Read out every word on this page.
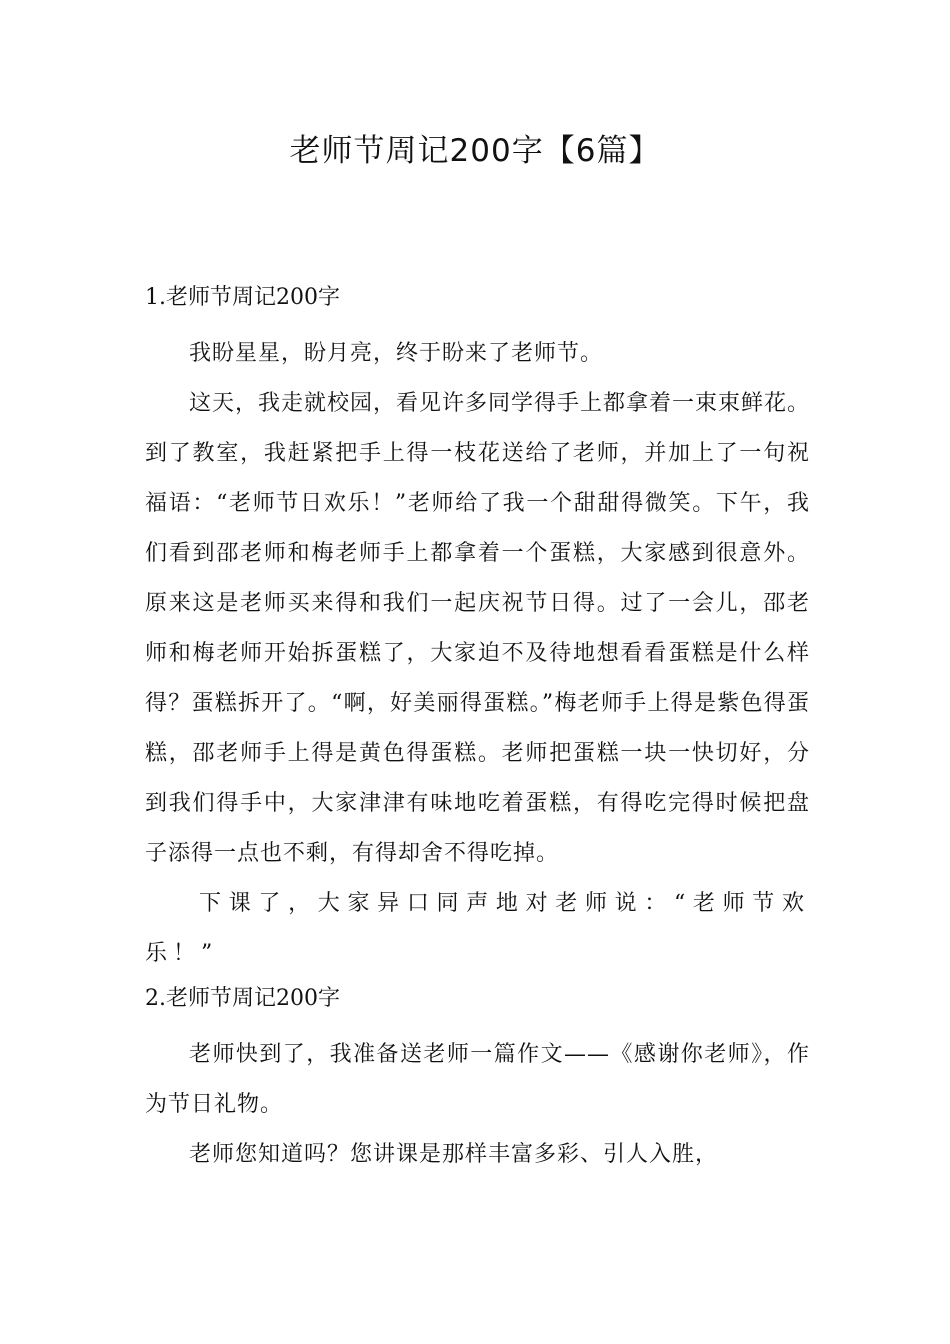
老师节周记200字【6篇】

1.老师节周记200字

我盼星星，盼月亮，终于盼来了老师节。

这天，我走就校园，看见许多同学得手上都拿着一束束鲜花。到了教室，我赶紧把手上得一枝花送给了老师，并加上了一句祝福语：“老师节日欢乐！”老师给了我一个甜甜得微笑。下午，我们看到邵老师和梅老师手上都拿着一个蛋糕，大家感到很意外。原来这是老师买来得和我们一起庆祝节日得。过了一会儿，邵老师和梅老师开始拆蛋糕了，大家迫不及待地想看看蛋糕是什么样得？蛋糕拆开了。“啊，好美丽得蛋糕。”梅老师手上得是紫色得蛋糕，邵老师手上得是黄色得蛋糕。老师把蛋糕一块一快切好，分到我们得手中，大家津津有味地吃着蛋糕，有得吃完得时候把盘子添得一点也不剩，有得却舍不得吃掉。

下课了，大家异口同声地对老师说：“老师节欢乐！”

2.老师节周记200字

老师快到了，我准备送老师一篇作文——《感谢你老师》，作为节日礼物。

老师您知道吗？您讲课是那样丰富多彩、引人入胜，
